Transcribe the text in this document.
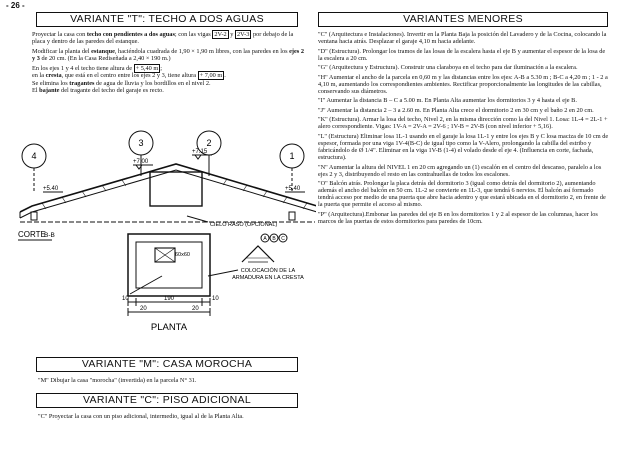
- 26 -
VARIANTE "T": TECHO A DOS AGUAS

Proyectar la casa con techo con pendientes a dos aguas; con las vigas 2V-2 y 2V-3 por debajo de la placa y dentro de las paredes del estanque.

Modificar la planta del estanque, haciéndola cuadrada de 1,90 × 1,90 m libres, con las paredes en los ejes 2 y 3 de 20 cm. (En la Casa Rediseñada a 2,40 × 190 m.)

En los ejes 1 y 4 el techo tiene altura de + 5,40 m ;

en la cresta, que está en el centro entre los ejes 2 y 3, tiene altura + 7,00 m .

Se elimina los tragantes de agua de lluvia y los bordillos en el nivel 2.

El bajante del tragante del techo del garaje es recto.

4
3	2
1
+7.00
+7.15
+5.40	+5.40
CIELO RASO (OPCIONAL)
CORTE
B-B	A B C
60x60
COLOCACIÓN DE LA
ARMADURA EN LA CRESTA
10	190
20	20
10
PLANTA
VARIANTE "M": CASA MOROCHA
"M" Dibujar la casa "morocha" (invertida) en la parcela N° 31.
VARIANTE "C": PISO ADICIONAL
"C" Proyectar la casa con un piso adicional, intermedio, igual al de la Planta Alta.
VARIANTES MENORES

"C" (Arquitectura e Instalaciones). Invertir en la Planta Baja la posición del Lavadero y de la Cocina, colocando la ventana hacia atrás. Desplazar el garaje 4,10 m hacia adelante.

"D" (Estructura). Prolongar los tramos de las losas de la escalera hasta el eje B y aumentar el espesor de la losa de la escalera a 20 cm.

"G" (Arquitectura y Estructura). Construir una claraboya en el techo para dar iluminación a la escalera.

"H" Aumentar el ancho de la parcela en 0,60 m y las distancias entre los ejes: A-B a 5.30 m ; B-C a 4,20 m ; 1 - 2 a 4,10 m, aumentando los correspondientes ambientes. Rectificar proporcionalmente las longitudes de las cabillas, conservando sus diámetros.

"I" Aumentar la distancia B – C a 5.00 m. En Planta Alta aumentar los dormitorios 3 y 4 hasta el eje B.

"J" Aumentar la distancia 2 – 3 a 2.60 m. En Planta Alta crece el dormitorio 2 en 30 cm y el baño 2 en 20 cm.

"K" (Estructura). Armar la losa del techo, Nivel 2, en la misma dirección como la del Nivel 1. Losa: 1L-4 = 2L-1 + alero correspondiente. Vigas: 1V-A = 2V-A = 2V-6 ; 1V-B = 2V-B (con nivel inferior + 5,16).

"L" (Estructura) Eliminar losa 1L-1 usando en el garaje la losa 1L-1 y entre los ejes B y C losa maciza de 10 cm de espesor, formada por una viga 1V-4(B-C) de igual tipo como la V-Alero, prolongando la cabilla del estribo y fabricándolo de Ø 1/4". Eliminar en la viga 1V-B (1-4) el volado desde el eje 4. (Influencia en corte, fachada, estructura).

"N" Aumentar la altura del NIVEL 1 en 20 cm agregando un (1) escalón en el centro del descanso, paralelo a los ejes 2 y 3, distribuyendo el resto en las contrahuellas de todos los escalones.

"O" Balcón atrás. Prolongar la placa detrás del dormitorio 3 (igual como detrás del dormitorio 2), aumentando además el ancho del balcón en 50 cm. 1L-2 se convierte en 1L-3, que tendrá 6 nervios. El balcón así formado tendrá acceso por medio de una puerta que abre hacia adentro y que estará ubicada en el dormitorio 2, en frente de la puerta que permite el acceso al mismo.

"P" (Arquitectura).Embonar las paredes del eje B en los dormitorios 1 y 2 al espesor de las columnas, hacer los marcos de las puertas de estos dormitorios para paredes de 10cm.
